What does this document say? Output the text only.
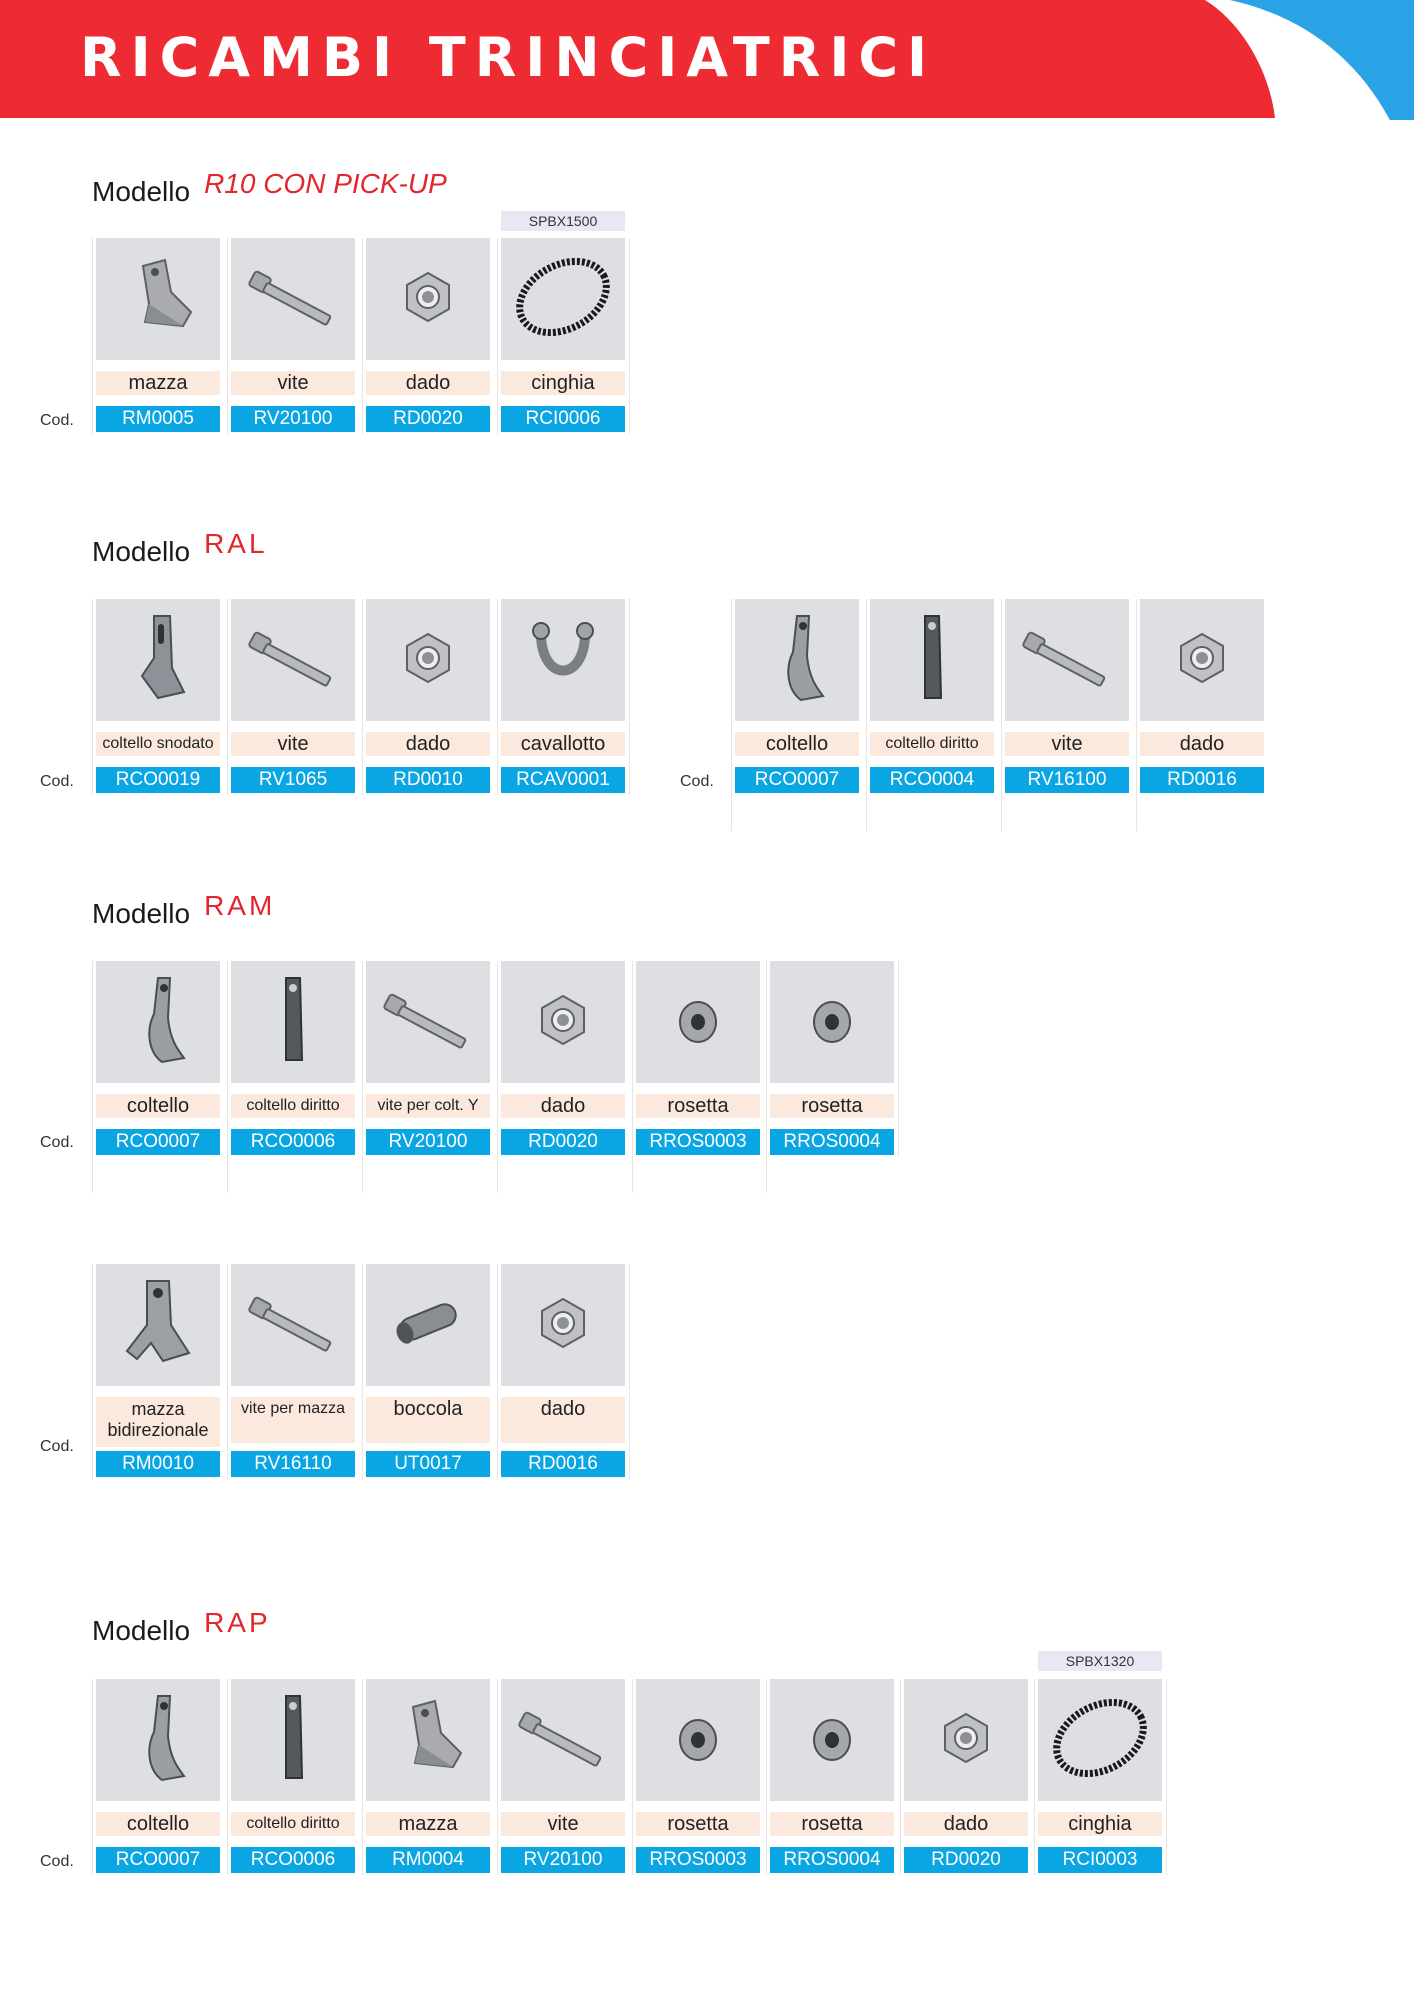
RICAMBI TRINCIATRICI
Modello R10 CON PICK-UP
SPBX1500
Cod.
mazza
RM0005
vite
RV20100
dado
RD0020
cinghia
RCI0006
Modello RAL
Cod.
coltello snodato
RCO0019
vite
RV1065
dado
RD0010
cavallotto
RCAV0001	Cod.
coltello
RCO0007
coltello diritto
RCO0004
vite
RV16100
dado
RD0016
Modello RAM
Cod.
coltello
RCO0007
coltello diritto
RCO0006
vite per colt. Y
RV20100
dado
RD0020
rosetta
RROS0003
rosetta
RROS0004
Cod.
mazza bidirezionale
RM0010
vite per mazza
RV16110
boccola
UT0017
dado
RD0016
Modello RAP
SPBX1320
Cod.
coltello
RCO0007
coltello diritto
RCO0006
mazza
RM0004
vite
RV20100
rosetta
RROS0003
rosetta
RROS0004
dado
RD0020
cinghia
RCI0003
